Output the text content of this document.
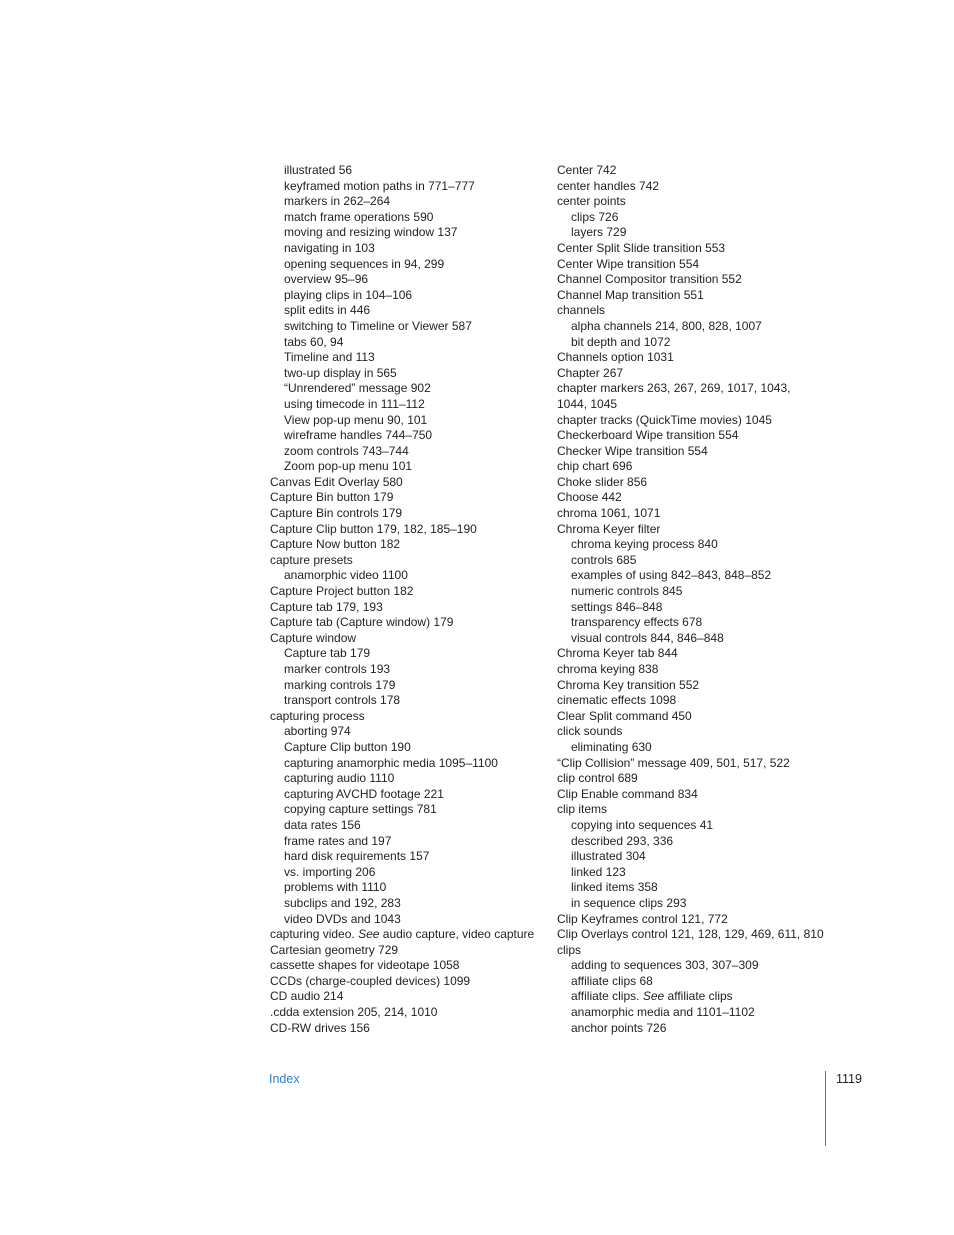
illustrated 56
keyframed motion paths in 771–777
markers in 262–264
match frame operations 590
moving and resizing window 137
navigating in 103
opening sequences in 94, 299
overview 95–96
playing clips in 104–106
split edits in 446
switching to Timeline or Viewer 587
tabs 60, 94
Timeline and 113
two-up display in 565
“Unrendered” message 902
using timecode in 111–112
View pop-up menu 90, 101
wireframe handles 744–750
zoom controls 743–744
Zoom pop-up menu 101
Canvas Edit Overlay 580
Capture Bin button 179
Capture Bin controls 179
Capture Clip button 179, 182, 185–190
Capture Now button 182
capture presets
anamorphic video 1100
Capture Project button 182
Capture tab 179, 193
Capture tab (Capture window) 179
Capture window
Capture tab 179
marker controls 193
marking controls 179
transport controls 178
capturing process
aborting 974
Capture Clip button 190
capturing anamorphic media 1095–1100
capturing audio 1110
capturing AVCHD footage 221
copying capture settings 781
data rates 156
frame rates and 197
hard disk requirements 157
vs. importing 206
problems with 1110
subclips and 192, 283
video DVDs and 1043
capturing video. See audio capture, video capture
Cartesian geometry 729
cassette shapes for videotape 1058
CCDs (charge-coupled devices) 1099
CD audio 214
.cdda extension 205, 214, 1010
CD-RW drives 156
Center 742
center handles 742
center points
clips 726
layers 729
Center Split Slide transition 553
Center Wipe transition 554
Channel Compositor transition 552
Channel Map transition 551
channels
alpha channels 214, 800, 828, 1007
bit depth and 1072
Channels option 1031
Chapter 267
chapter markers 263, 267, 269, 1017, 1043, 1044, 1045
chapter tracks (QuickTime movies) 1045
Checkerboard Wipe transition 554
Checker Wipe transition 554
chip chart 696
Choke slider 856
Choose 442
chroma 1061, 1071
Chroma Keyer filter
chroma keying process 840
controls 685
examples of using 842–843, 848–852
numeric controls 845
settings 846–848
transparency effects 678
visual controls 844, 846–848
Chroma Keyer tab 844
chroma keying 838
Chroma Key transition 552
cinematic effects 1098
Clear Split command 450
click sounds
eliminating 630
“Clip Collision” message 409, 501, 517, 522
clip control 689
Clip Enable command 834
clip items
copying into sequences 41
described 293, 336
illustrated 304
linked 123
linked items 358
in sequence clips 293
Clip Keyframes control 121, 772
Clip Overlays control 121, 128, 129, 469, 611, 810
clips
adding to sequences 303, 307–309
affiliate clips 68
affiliate clips. See affiliate clips
anamorphic media and 1101–1102
anchor points 726
Index	1119
